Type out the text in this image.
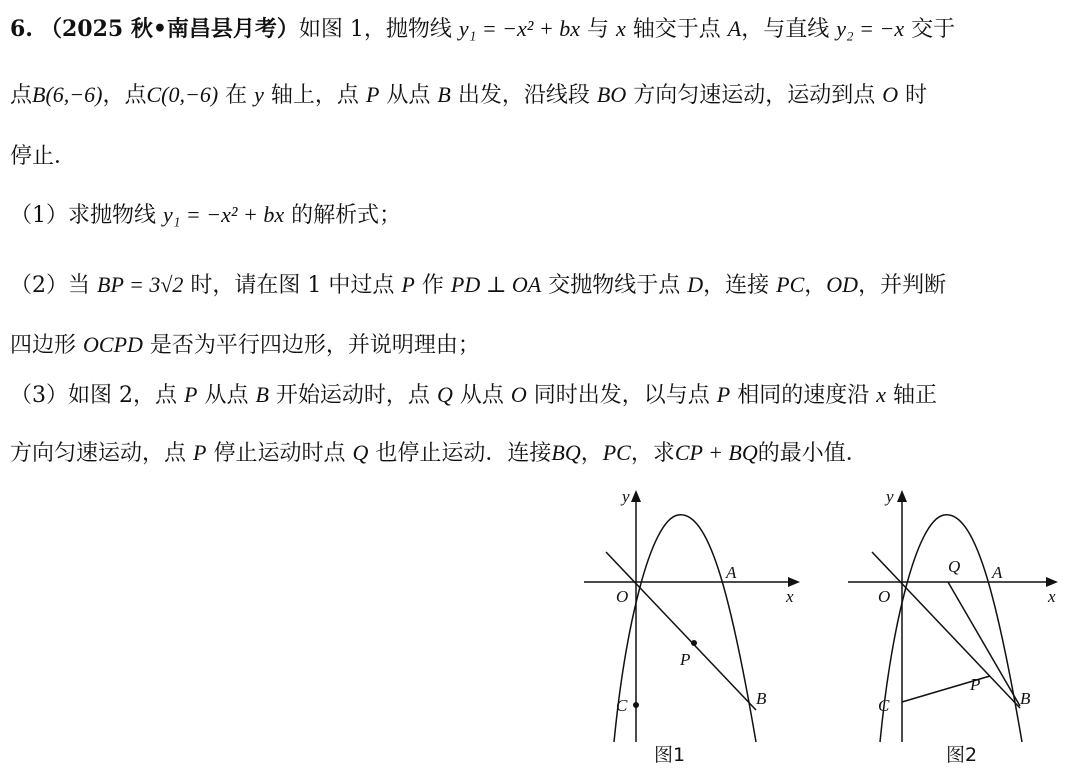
6. （2025 秋•南昌县月考）如图 1，抛物线 y₁ = −x² + bx 与 x 轴交于点 A，与直线 y₂ = −x 交于
点B(6,−6)，点C(0,−6) 在 y 轴上，点 P 从点 B 出发，沿线段 BO 方向匀速运动，运动到点 O 时
停止．
（1）求抛物线 y₁ = −x² + bx 的解析式；
（2）当 BP = 3√2 时，请在图 1 中过点 P 作 PD ⊥ OA 交抛物线于点 D，连接 PC，OD，并判断
四边形 OCPD 是否为平行四边形，并说明理由；
（3）如图 2，点 P 从点 B 开始运动时，点 Q 从点 O 同时出发，以与点 P 相同的速度沿 x 轴正
方向匀速运动，点 P 停止运动时点 Q 也停止运动．连接BQ，PC，求CP + BQ的最小值．
y
x
O
A
P
B
C
图1
y
x
O
A
Q
P
B
C
图2
